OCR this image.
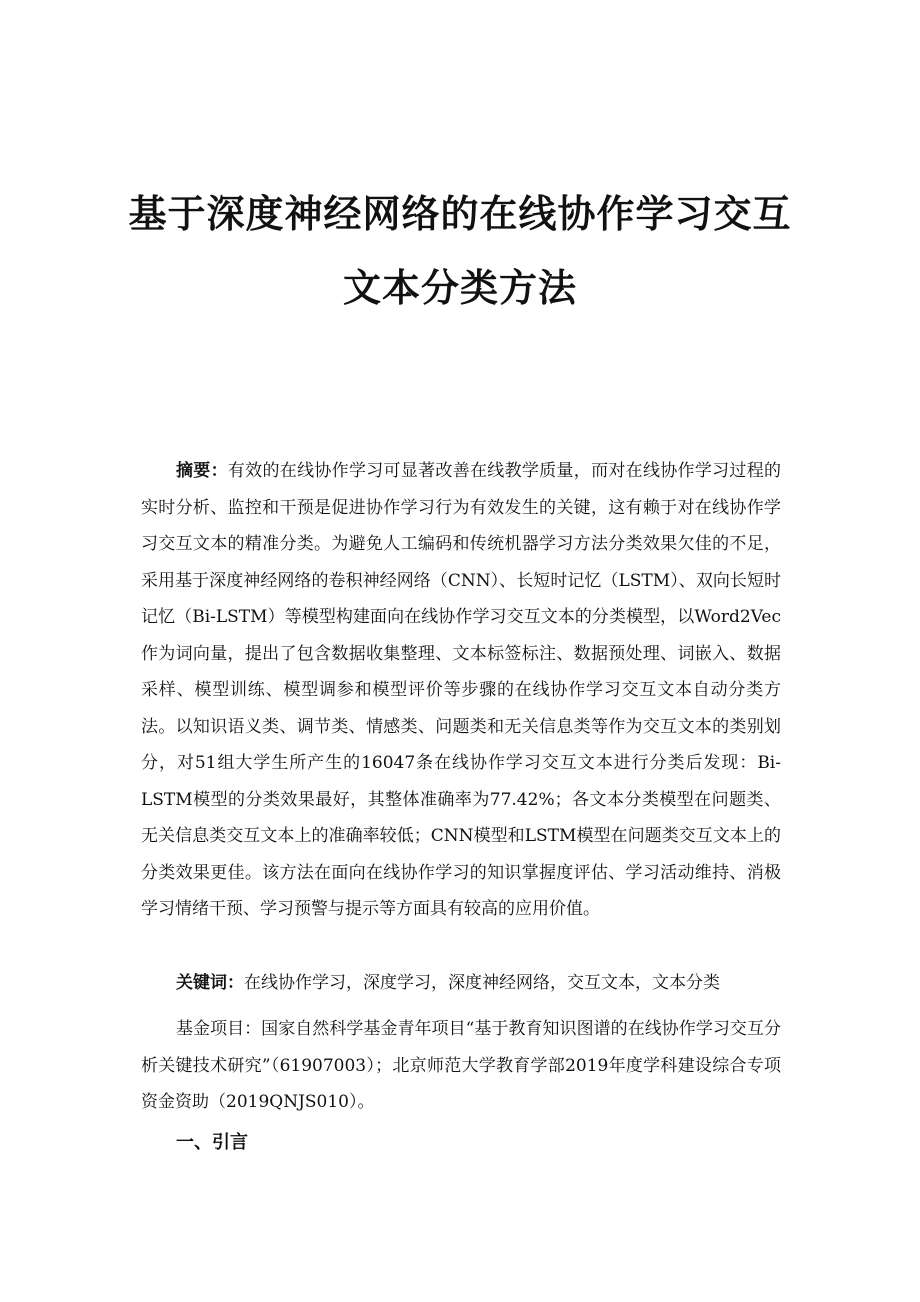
基于深度神经网络的在线协作学习交互
文本分类方法

摘要：有效的在线协作学习可显著改善在线教学质量，而对在线协作学习过程的实时分析、监控和干预是促进协作学习行为有效发生的关键，这有赖于对在线协作学习交互文本的精准分类。为避免人工编码和传统机器学习方法分类效果欠佳的不足，采用基于深度神经网络的卷积神经网络（CNN）、长短时记忆（LSTM）、双向长短时记忆（Bi-LSTM）等模型构建面向在线协作学习交互文本的分类模型，以Word2Vec作为词向量，提出了包含数据收集整理、文本标签标注、数据预处理、词嵌入、数据采样、模型训练、模型调参和模型评价等步骤的在线协作学习交互文本自动分类方法。以知识语义类、调节类、情感类、问题类和无关信息类等作为交互文本的类别划分，对51组大学生所产生的16047条在线协作学习交互文本进行分类后发现：Bi-LSTM模型的分类效果最好，其整体准确率为77.42%；各文本分类模型在问题类、无关信息类交互文本上的准确率较低；CNN模型和LSTM模型在问题类交互文本上的分类效果更佳。该方法在面向在线协作学习的知识掌握度评估、学习活动维持、消极学习情绪干预、学习预警与提示等方面具有较高的应用价值。

关键词：在线协作学习，深度学习，深度神经网络，交互文本，文本分类

基金项目：国家自然科学基金青年项目“基于教育知识图谱的在线协作学习交互分析关键技术研究”（61907003）；北京师范大学教育学部2019年度学科建设综合专项资金资助（2019QNJS010）。

一、引言
